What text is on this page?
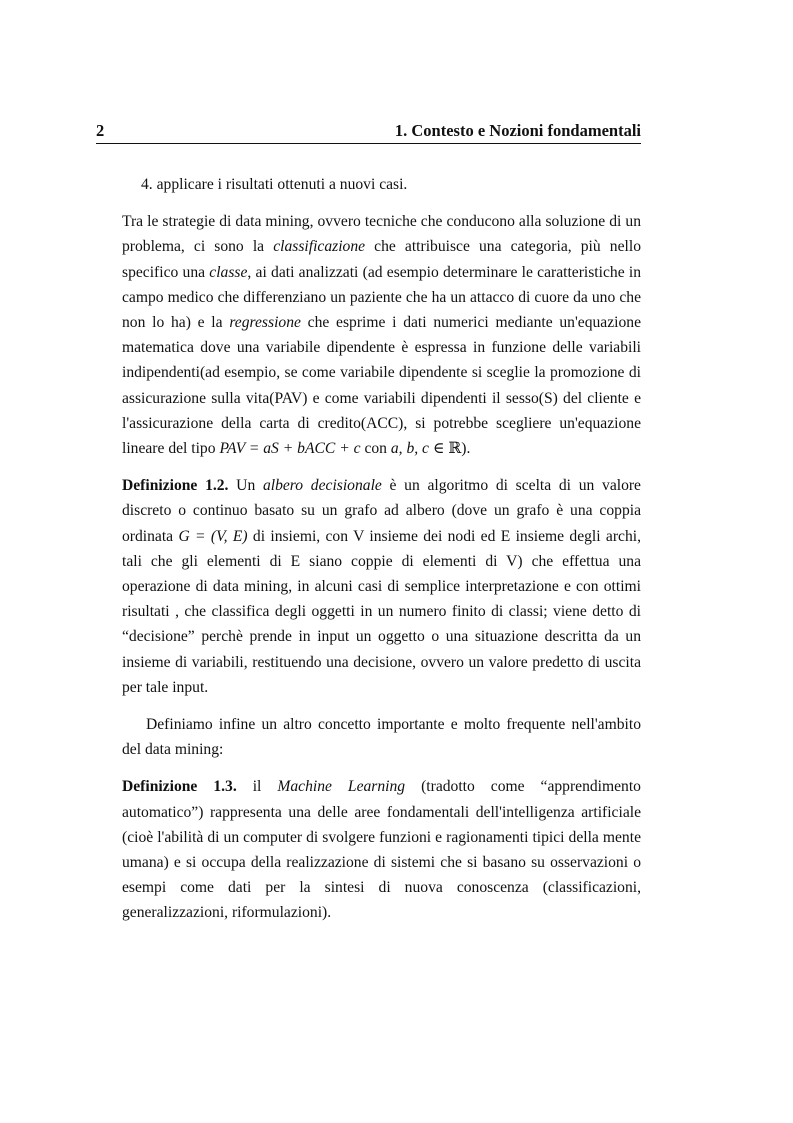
2	1. Contesto e Nozioni fondamentali

4. applicare i risultati ottenuti a nuovi casi.

Tra le strategie di data mining, ovvero tecniche che conducono alla soluzione di un problema, ci sono la classificazione che attribuisce una categoria, più nello specifico una classe, ai dati analizzati (ad esempio determinare le caratteristiche in campo medico che differenziano un paziente che ha un attacco di cuore da uno che non lo ha) e la regressione che esprime i dati numerici mediante un'equazione matematica dove una variabile dipendente è espressa in funzione delle variabili indipendenti(ad esempio, se come variabile dipendente si sceglie la promozione di assicurazione sulla vita(PAV) e come variabili dipendenti il sesso(S) del cliente e l'assicurazione della carta di credito(ACC), si potrebbe scegliere un'equazione lineare del tipo PAV = aS + bACC + c con a, b, c ∈ ℝ).

Definizione 1.2. Un albero decisionale è un algoritmo di scelta di un valore discreto o continuo basato su un grafo ad albero (dove un grafo è una coppia ordinata G = (V, E) di insiemi, con V insieme dei nodi ed E insieme degli archi, tali che gli elementi di E siano coppie di elementi di V) che effettua una operazione di data mining, in alcuni casi di semplice interpretazione e con ottimi risultati , che classifica degli oggetti in un numero finito di classi; viene detto di “decisione” perchè prende in input un oggetto o una situazione descritta da un insieme di variabili, restituendo una decisione, ovvero un valore predetto di uscita per tale input.

Definiamo infine un altro concetto importante e molto frequente nell'ambito del data mining:

Definizione 1.3. il Machine Learning (tradotto come “apprendimento automatico”) rappresenta una delle aree fondamentali dell'intelligenza artificiale (cioè l'abilità di un computer di svolgere funzioni e ragionamenti tipici della mente umana) e si occupa della realizzazione di sistemi che si basano su osservazioni o esempi come dati per la sintesi di nuova conoscenza (classificazioni, generalizzazioni, riformulazioni).
